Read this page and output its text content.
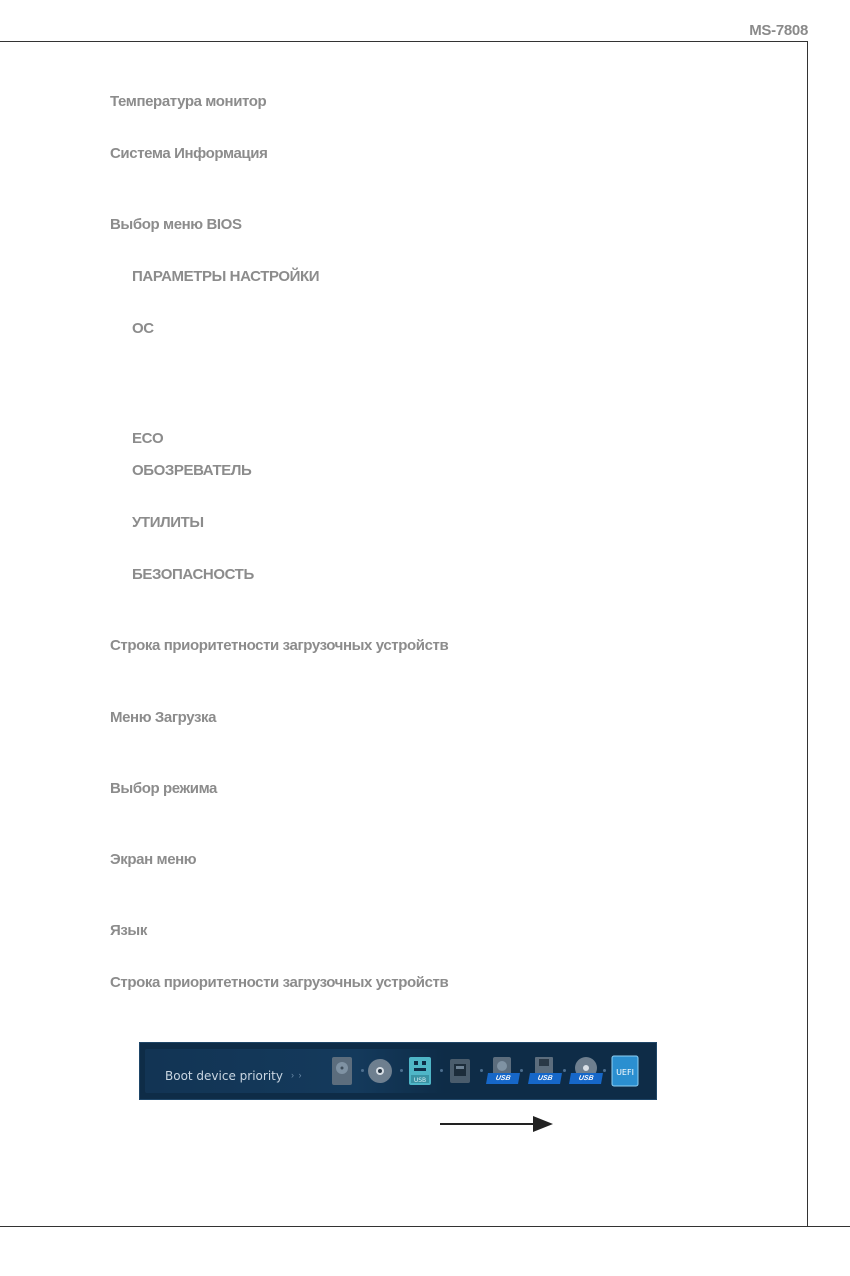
MS-7808
Температура монитор
Система Информация
Выбор меню BIOS
ПАРАМЕТРЫ НАСТРОЙКИ
OC
ECO
ОБОЗРЕВАТЕЛЬ
УТИЛИТЫ
БЕЗОПАСНОСТЬ
Строка приоритетности загрузочных устройств
Меню Загрузка
Выбор режима
Экран меню
Язык
Строка приоритетности загрузочных устройств
Boot device priority › ›
USB	USB	USB	USB
UEFI
